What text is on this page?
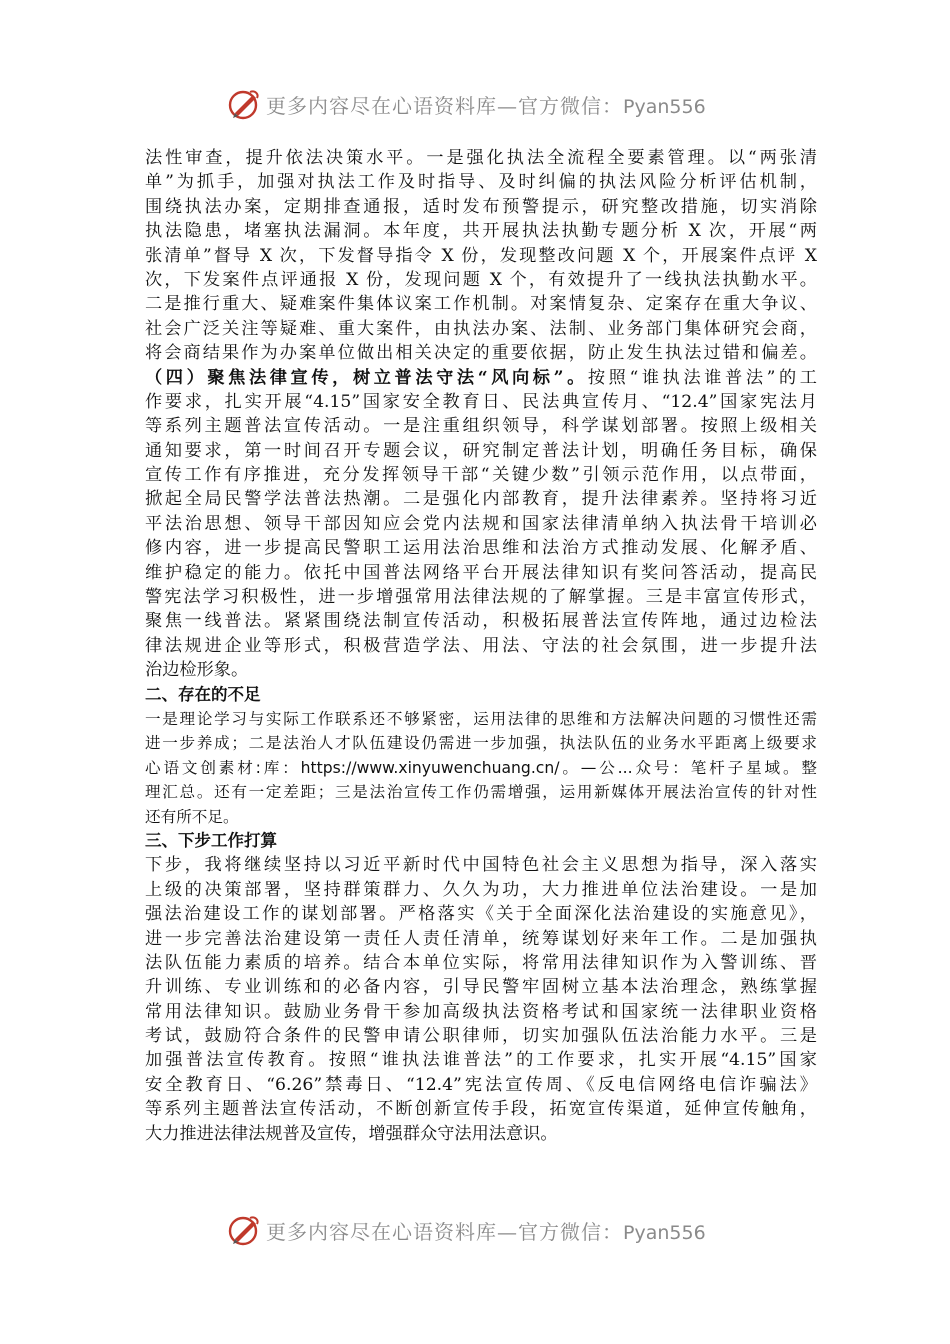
更多内容尽在心语资料库—官方微信：Pyan556
法性审查，提升依法决策水平。一是强化执法全流程全要素管理。以“两张清
单”为抓手，加强对执法工作及时指导、及时纠偏的执法风险分析评估机制，
围绕执法办案，定期排查通报，适时发布预警提示，研究整改措施，切实消除
执法隐患，堵塞执法漏洞。本年度，共开展执法执勤专题分析 X 次，开展“两
张清单”督导 X 次，下发督导指令 X 份，发现整改问题 X 个，开展案件点评 X
次，下发案件点评通报 X 份，发现问题 X 个，有效提升了一线执法执勤水平。
二是推行重大、疑难案件集体议案工作机制。对案情复杂、定案存在重大争议、
社会广泛关注等疑难、重大案件，由执法办案、法制、业务部门集体研究会商，
将会商结果作为办案单位做出相关决定的重要依据，防止发生执法过错和偏差。
（四）聚焦法律宣传，树立普法守法“风向标”。按照“谁执法谁普法”的工
作要求，扎实开展“4.15”国家安全教育日、民法典宣传月、“12.4”国家宪法月
等系列主题普法宣传活动。一是注重组织领导，科学谋划部署。按照上级相关
通知要求，第一时间召开专题会议，研究制定普法计划，明确任务目标，确保
宣传工作有序推进，充分发挥领导干部“关键少数”引领示范作用，以点带面，
掀起全局民警学法普法热潮。二是强化内部教育，提升法律素养。坚持将习近
平法治思想、领导干部因知应会党内法规和国家法律清单纳入执法骨干培训必
修内容，进一步提高民警职工运用法治思维和法治方式推动发展、化解矛盾、
维护稳定的能力。依托中国普法网络平台开展法律知识有奖问答活动，提高民
警宪法学习积极性，进一步增强常用法律法规的了解掌握。三是丰富宣传形式，
聚焦一线普法。紧紧围绕法制宣传活动，积极拓展普法宣传阵地，通过边检法
律法规进企业等形式，积极营造学法、用法、守法的社会氛围，进一步提升法
治边检形象。
二、存在的不足
一是理论学习与实际工作联系还不够紧密，运用法律的思维和方法解决问题的习惯性还需
进一步养成；二是法治人才队伍建设仍需进一步加强，执法队伍的业务水平距离上级要求
心语文创素材:库：https://www.xinyuwenchuang.cn/。—公...众号：笔杆子星域。整
理汇总。还有一定差距；三是法治宣传工作仍需增强，运用新媒体开展法治宣传的针对性
还有所不足。
三、下步工作打算
下步，我将继续坚持以习近平新时代中国特色社会主义思想为指导，深入落实
上级的决策部署，坚持群策群力、久久为功，大力推进单位法治建设。一是加
强法治建设工作的谋划部署。严格落实《关于全面深化法治建设的实施意见》，
进一步完善法治建设第一责任人责任清单，统筹谋划好来年工作。二是加强执
法队伍能力素质的培养。结合本单位实际，将常用法律知识作为入警训练、晋
升训练、专业训练和的必备内容，引导民警牢固树立基本法治理念，熟练掌握
常用法律知识。鼓励业务骨干参加高级执法资格考试和国家统一法律职业资格
考试，鼓励符合条件的民警申请公职律师，切实加强队伍法治能力水平。三是
加强普法宣传教育。按照“谁执法谁普法”的工作要求，扎实开展“4.15”国家
安全教育日、“6.26”禁毒日、“12.4”宪法宣传周、《反电信网络电信诈骗法》
等系列主题普法宣传活动，不断创新宣传手段，拓宽宣传渠道，延伸宣传触角，
大力推进法律法规普及宣传，增强群众守法用法意识。
更多内容尽在心语资料库—官方微信：Pyan556
